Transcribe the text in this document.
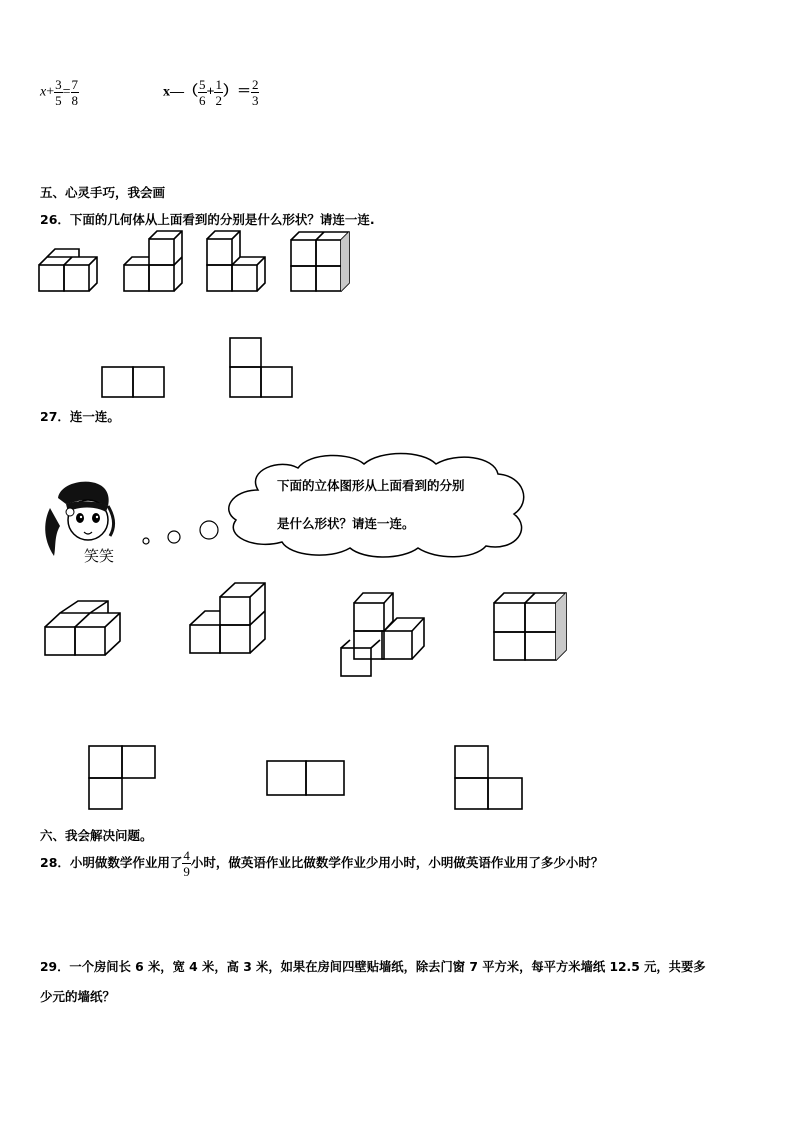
$x+ \frac{3}{5} = \frac{7}{8}$	x—（ $\frac{5}{6} + \frac{1}{2}$ ）＝ $\frac{2}{3}$
五、心灵手巧，我会画
26．下面的几何体从上面看到的分别是什么形状？请连一连.
27．连一连。
笑笑
下面的立体图形从上面看到的分别
是什么形状？请连一连。
六、我会解决问题。
28．小明做数学作业用了 $\frac{4}{9}$ 小时，做英语作业比做数学作业少用小时，小明做英语作业用了多少小时？
29．一个房间长 6 米，宽 4 米，高 3 米，如果在房间四壁贴墙纸，除去门窗 7 平方米，每平方米墙纸 12.5 元，共要多
少元的墙纸？
